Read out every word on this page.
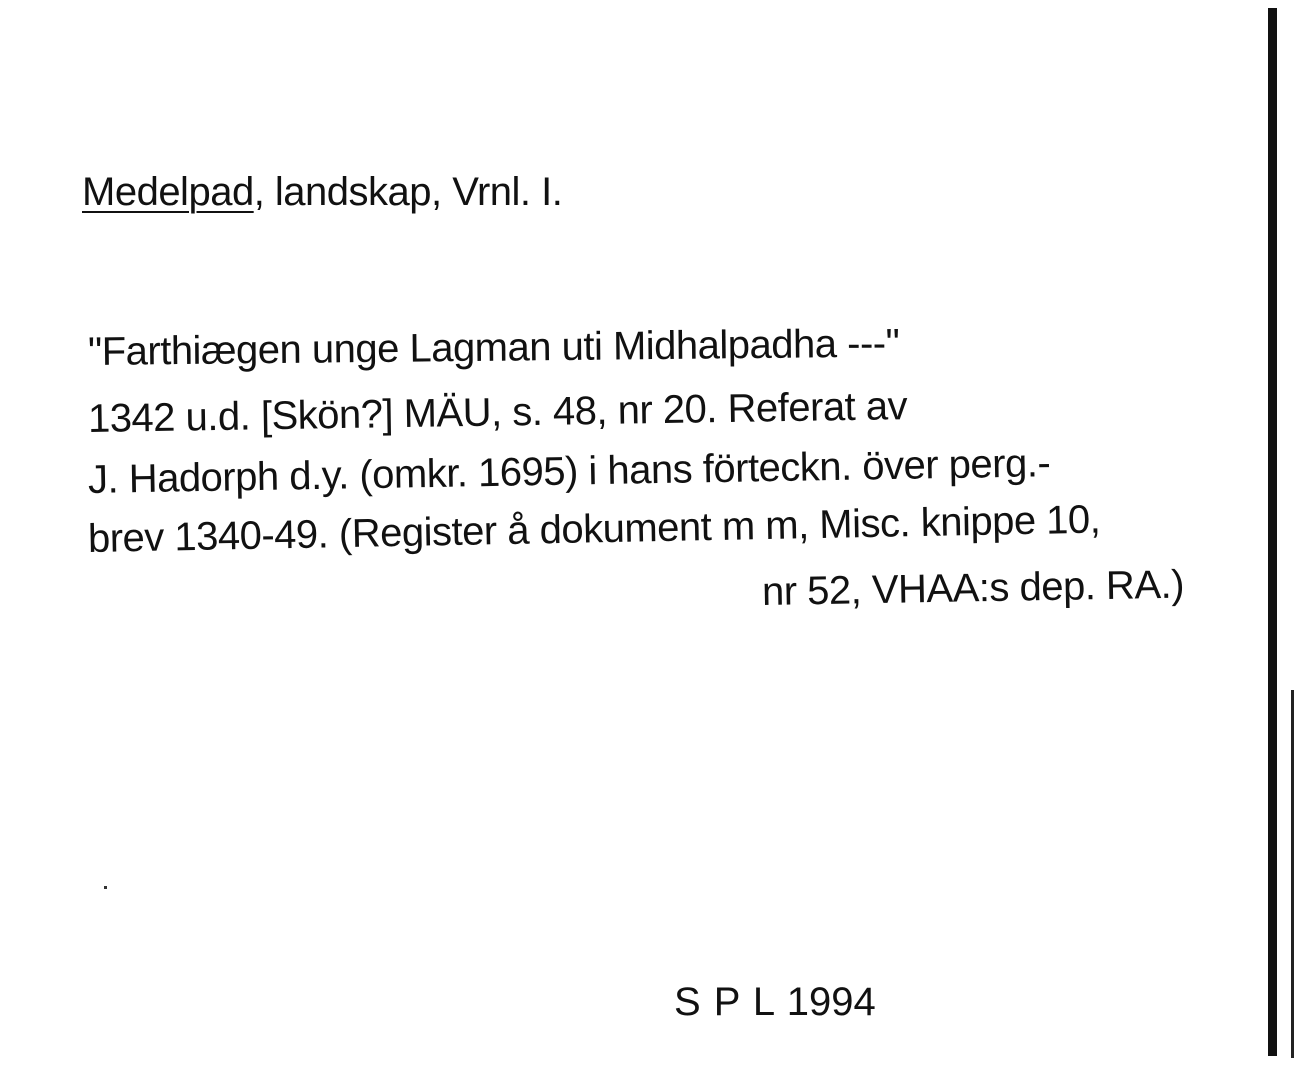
Medelpad, landskap, Vrnl. I.
"Farthiægen unge Lagman uti Midhalpadha ---"
1342 u.d. [Skön?] MÄU, s. 48, nr 20. Referat av
J. Hadorph d.y. (omkr. 1695) i hans förteckn. över perg.-
brev 1340-49. (Register å dokument m m, Misc. knippe 10,
nr 52, VHAA:s dep. RA.)
S P L 1994
